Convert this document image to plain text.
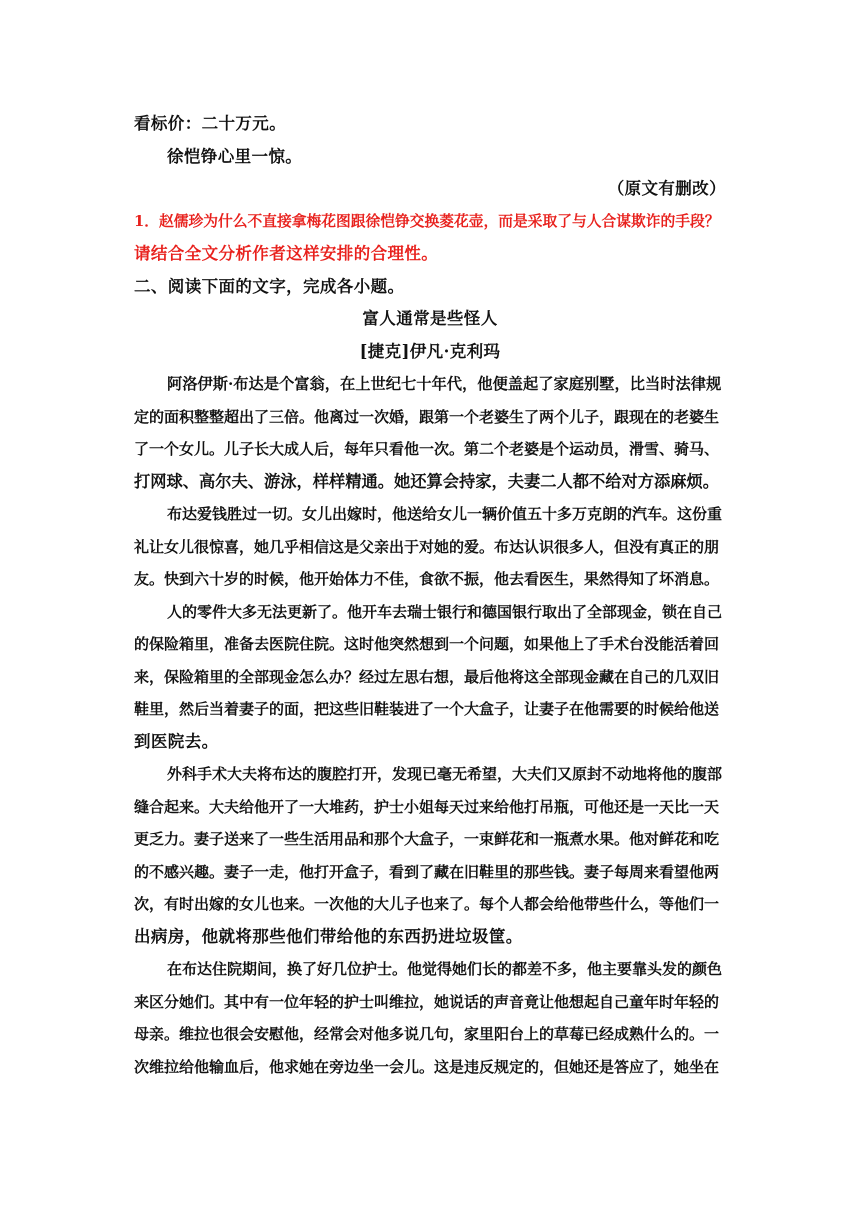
看标价：二十万元。
徐恺铮心里一惊。
（原文有删改）
1．赵儒珍为什么不直接拿梅花图跟徐恺铮交换菱花壶，而是采取了与人合谋欺诈的手段？
请结合全文分析作者这样安排的合理性。
二、阅读下面的文字，完成各小题。
富人通常是些怪人
[捷克]伊凡·克利玛
阿洛伊斯·布达是个富翁，在上世纪七十年代，他便盖起了家庭别墅，比当时法律规
定的面积整整超出了三倍。他离过一次婚，跟第一个老婆生了两个儿子，跟现在的老婆生
了一个女儿。儿子长大成人后，每年只看他一次。第二个老婆是个运动员，滑雪、骑马、
打网球、高尔夫、游泳，样样精通。她还算会持家，夫妻二人都不给对方添麻烦。
布达爱钱胜过一切。女儿出嫁时，他送给女儿一辆价值五十多万克朗的汽车。这份重
礼让女儿很惊喜，她几乎相信这是父亲出于对她的爱。布达认识很多人，但没有真正的朋
友。快到六十岁的时候，他开始体力不佳，食欲不振，他去看医生，果然得知了坏消息。
人的零件大多无法更新了。他开车去瑞士银行和德国银行取出了全部现金，锁在自己
的保险箱里，准备去医院住院。这时他突然想到一个问题，如果他上了手术台没能活着回
来，保险箱里的全部现金怎么办？经过左思右想，最后他将这全部现金藏在自己的几双旧
鞋里，然后当着妻子的面，把这些旧鞋装进了一个大盒子，让妻子在他需要的时候给他送
到医院去。
外科手术大夫将布达的腹腔打开，发现已毫无希望，大夫们又原封不动地将他的腹部
缝合起来。大夫给他开了一大堆药，护士小姐每天过来给他打吊瓶，可他还是一天比一天
更乏力。妻子送来了一些生活用品和那个大盒子，一束鲜花和一瓶煮水果。他对鲜花和吃
的不感兴趣。妻子一走，他打开盒子，看到了藏在旧鞋里的那些钱。妻子每周来看望他两
次，有时出嫁的女儿也来。一次他的大儿子也来了。每个人都会给他带些什么，等他们一
出病房，他就将那些他们带给他的东西扔进垃圾筐。
在布达住院期间，换了好几位护士。他觉得她们长的都差不多，他主要靠头发的颜色
来区分她们。其中有一位年轻的护士叫维拉，她说话的声音竟让他想起自己童年时年轻的
母亲。维拉也很会安慰他，经常会对他多说几句，家里阳台上的草莓已经成熟什么的。一
次维拉给他输血后，他求她在旁边坐一会儿。这是违反规定的，但她还是答应了，她坐在
